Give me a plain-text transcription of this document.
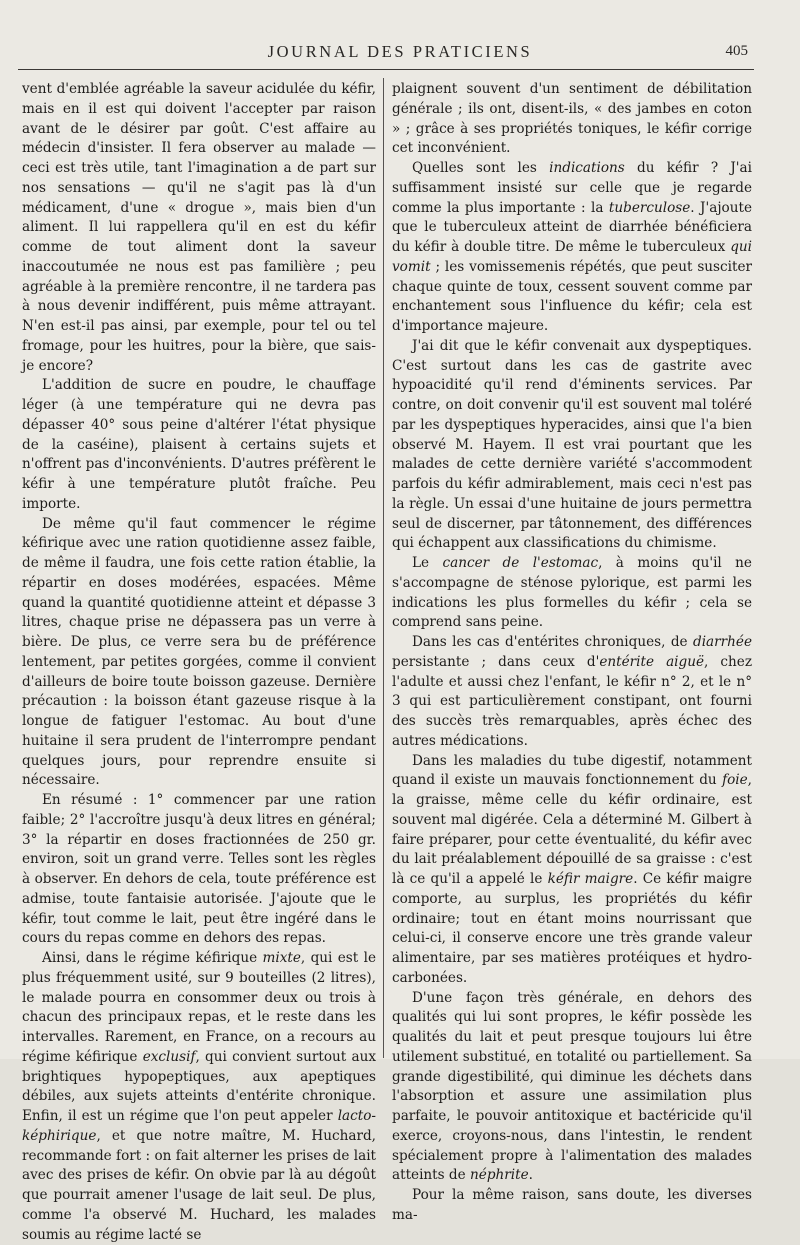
JOURNAL DES PRATICIENS	405

vent d'emblée agréable la saveur acidulée du kéfir, mais en il est qui doivent l'accepter par raison avant de le désirer par goût. C'est affaire au médecin d'insister. Il fera observer au malade — ceci est très utile, tant l'imagination a de part sur nos sensations — qu'il ne s'agit pas là d'un médicament, d'une « drogue », mais bien d'un aliment. Il lui rappellera qu'il en est du kéfir comme de tout aliment dont la saveur inaccoutumée ne nous est pas familière ; peu agréable à la première rencontre, il ne tardera pas à nous devenir indifférent, puis même attrayant. N'en est-il pas ainsi, par exemple, pour tel ou tel fromage, pour les huitres, pour la bière, que sais-je encore?

L'addition de sucre en poudre, le chauffage léger (à une température qui ne devra pas dépasser 40° sous peine d'altérer l'état physique de la caséine), plaisent à certains sujets et n'offrent pas d'inconvénients. D'autres préfèrent le kéfir à une température plutôt fraîche. Peu importe.

De même qu'il faut commencer le régime kéfirique avec une ration quotidienne assez faible, de même il faudra, une fois cette ration établie, la répartir en doses modérées, espacées. Même quand la quantité quotidienne atteint et dépasse 3 litres, chaque prise ne dépassera pas un verre à bière. De plus, ce verre sera bu de préférence lentement, par petites gorgées, comme il convient d'ailleurs de boire toute boisson gazeuse. Dernière précaution : la boisson étant gazeuse risque à la longue de fatiguer l'estomac. Au bout d'une huitaine il sera prudent de l'interrompre pendant quelques jours, pour reprendre ensuite si nécessaire.

En résumé : 1° commencer par une ration faible; 2° l'accroître jusqu'à deux litres en général; 3° la répartir en doses fractionnées de 250 gr. environ, soit un grand verre. Telles sont les règles à observer. En dehors de cela, toute préférence est admise, toute fantaisie autorisée. J'ajoute que le kéfir, tout comme le lait, peut être ingéré dans le cours du repas comme en dehors des repas.

Ainsi, dans le régime kéfirique mixte, qui est le plus fréquemment usité, sur 9 bouteilles (2 litres), le malade pourra en consommer deux ou trois à chacun des principaux repas, et le reste dans les intervalles. Rarement, en France, on a recours au régime kéfirique exclusif, qui convient surtout aux brightiques hypopeptiques, aux apeptiques débiles, aux sujets atteints d'entérite chronique. Enfin, il est un régime que l'on peut appeler lacto-képhirique, et que notre maître, M. Huchard, recommande fort : on fait alterner les prises de lait avec des prises de kéfir. On obvie par là au dégoût que pourrait amener l'usage de lait seul. De plus, comme l'a observé M. Huchard, les malades soumis au régime lacté se

plaignent souvent d'un sentiment de débilitation générale ; ils ont, disent-ils, « des jambes en coton » ; grâce à ses propriétés toniques, le kéfir corrige cet inconvénient.

Quelles sont les indications du kéfir ? J'ai suffisamment insisté sur celle que je regarde comme la plus importante : la tuberculose. J'ajoute que le tuberculeux atteint de diarrhée bénéficiera du kéfir à double titre. De même le tuberculeux qui vomit ; les vomissemenis répétés, que peut susciter chaque quinte de toux, cessent souvent comme par enchantement sous l'influence du kéfir; cela est d'importance majeure.

J'ai dit que le kéfir convenait aux dyspeptiques. C'est surtout dans les cas de gastrite avec hypoacidité qu'il rend d'éminents services. Par contre, on doit convenir qu'il est souvent mal toléré par les dyspeptiques hyperacides, ainsi que l'a bien observé M. Hayem. Il est vrai pourtant que les malades de cette dernière variété s'accommodent parfois du kéfir admirablement, mais ceci n'est pas la règle. Un essai d'une huitaine de jours permettra seul de discerner, par tâtonnement, des différences qui échappent aux classifications du chimisme.

Le cancer de l'estomac, à moins qu'il ne s'accompagne de sténose pylorique, est parmi les indications les plus formelles du kéfir ; cela se comprend sans peine.

Dans les cas d'entérites chroniques, de diarrhée persistante ; dans ceux d'entérite aiguë, chez l'adulte et aussi chez l'enfant, le kéfir n° 2, et le n° 3 qui est particulièrement constipant, ont fourni des succès très remarquables, après échec des autres médications.

Dans les maladies du tube digestif, notamment quand il existe un mauvais fonctionnement du foie, la graisse, même celle du kéfir ordinaire, est souvent mal digérée. Cela a déterminé M. Gilbert à faire préparer, pour cette éventualité, du kéfir avec du lait préalablement dépouillé de sa graisse : c'est là ce qu'il a appelé le kéfir maigre. Ce kéfir maigre comporte, au surplus, les propriétés du kéfir ordinaire; tout en étant moins nourrissant que celui-ci, il conserve encore une très grande valeur alimentaire, par ses matières protéiques et hydro-carbonées.

D'une façon très générale, en dehors des qualités qui lui sont propres, le kéfir possède les qualités du lait et peut presque toujours lui être utilement substitué, en totalité ou partiellement. Sa grande digestibilité, qui diminue les déchets dans l'absorption et assure une assimilation plus parfaite, le pouvoir antitoxique et bactéricide qu'il exerce, croyons-nous, dans l'intestin, le rendent spécialement propre à l'alimentation des malades atteints de néphrite.

Pour la même raison, sans doute, les diverses ma-
